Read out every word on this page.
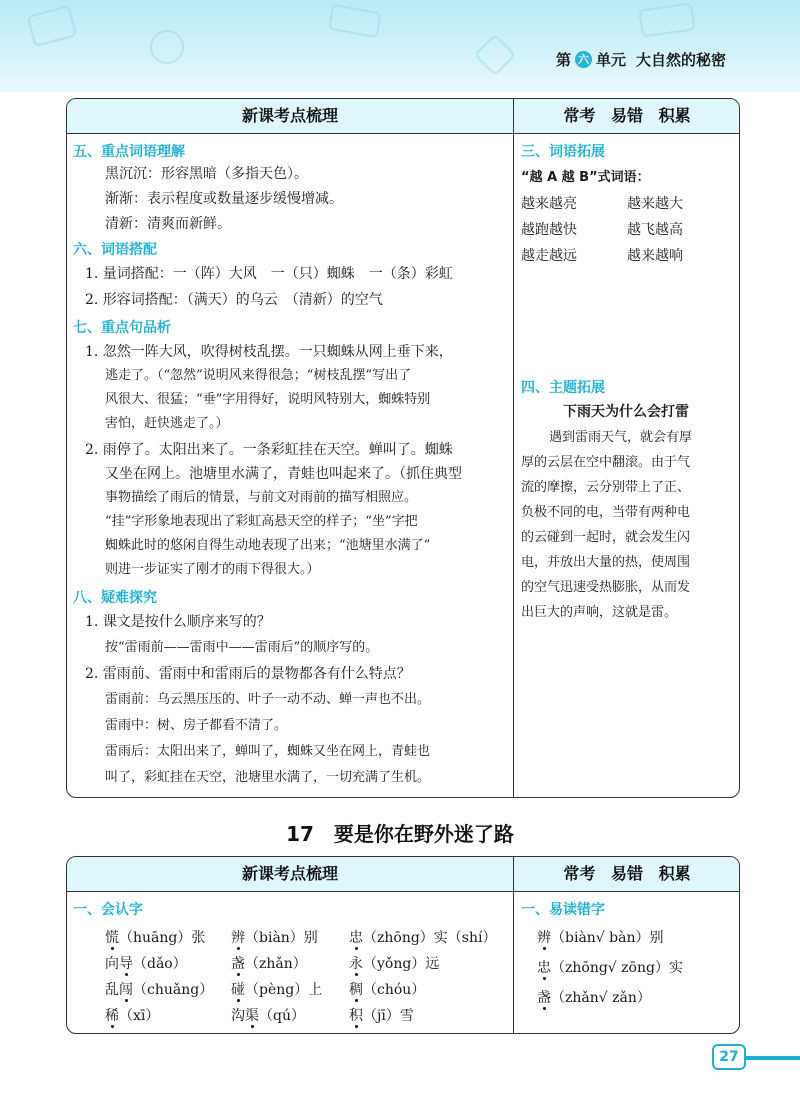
第 六 单元 大自然的秘密
新课考点梳理	常考 易错 积累
五、重点词语理解
黑沉沉：形容黑暗（多指天色）。
渐渐：表示程度或数量逐步缓慢增减。
清新：清爽而新鲜。
六、词语搭配
1. 量词搭配：一（阵）大风　一（只）蜘蛛　一（条）彩虹
2. 形容词搭配：（满天）的乌云　（清新）的空气
七、重点句品析
1. 忽然一阵大风，吹得树枝乱摆。一只蜘蛛从网上垂下来，
逃走了。（“忽然”说明风来得很急；“树枝乱摆”写出了
风很大、很猛；“垂”字用得好，说明风特别大，蜘蛛特别
害怕，赶快逃走了。）
2. 雨停了。太阳出来了。一条彩虹挂在天空。蝉叫了。蜘蛛
又坐在网上。池塘里水满了，青蛙也叫起来了。（抓住典型
事物描绘了雨后的情景，与前文对雨前的描写相照应。
“挂”字形象地表现出了彩虹高悬天空的样子；“坐”字把
蜘蛛此时的悠闲自得生动地表现了出来；“池塘里水满了”
则进一步证实了刚才的雨下得很大。）
八、疑难探究
1. 课文是按什么顺序来写的？
按“雷雨前——雷雨中——雷雨后”的顺序写的。
2. 雷雨前、雷雨中和雷雨后的景物都各有什么特点？
雷雨前：乌云黑压压的、叶子一动不动、蝉一声也不出。
雷雨中：树、房子都看不清了。
雷雨后：太阳出来了，蝉叫了，蜘蛛又坐在网上，青蛙也
叫了，彩虹挂在天空，池塘里水满了，一切充满了生机。
三、词语拓展
“越 A 越 B”式词语：
越来越亮	越来越大
越跑越快	越飞越高
越走越远	越来越响
四、主题拓展
下雨天为什么会打雷
遇到雷雨天气，就会有厚
厚的云层在空中翻滚。由于气
流的摩擦，云分别带上了正、
负极不同的电，当带有两种电
的云碰到一起时，就会发生闪
电，并放出大量的热，使周围
的空气迅速受热膨胀，从而发
出巨大的声响，这就是雷。
17 要是你在野外迷了路
新课考点梳理	常考 易错 积累
一、会认字
慌（huāng）张 辨（biàn）别 忠（zhōng）实（shí）
向导（dǎo）	盏（zhǎn）	永（yǒng）远
乱闯（chuǎng） 碰（pèng）上 稠（chóu）
稀（xī）	沟渠（qú）	积（jī）雪
一、易读错字
辨（biàn√ bàn）别
忠（zhōng√ zōng）实
盏（zhǎn√ zǎn）
27
